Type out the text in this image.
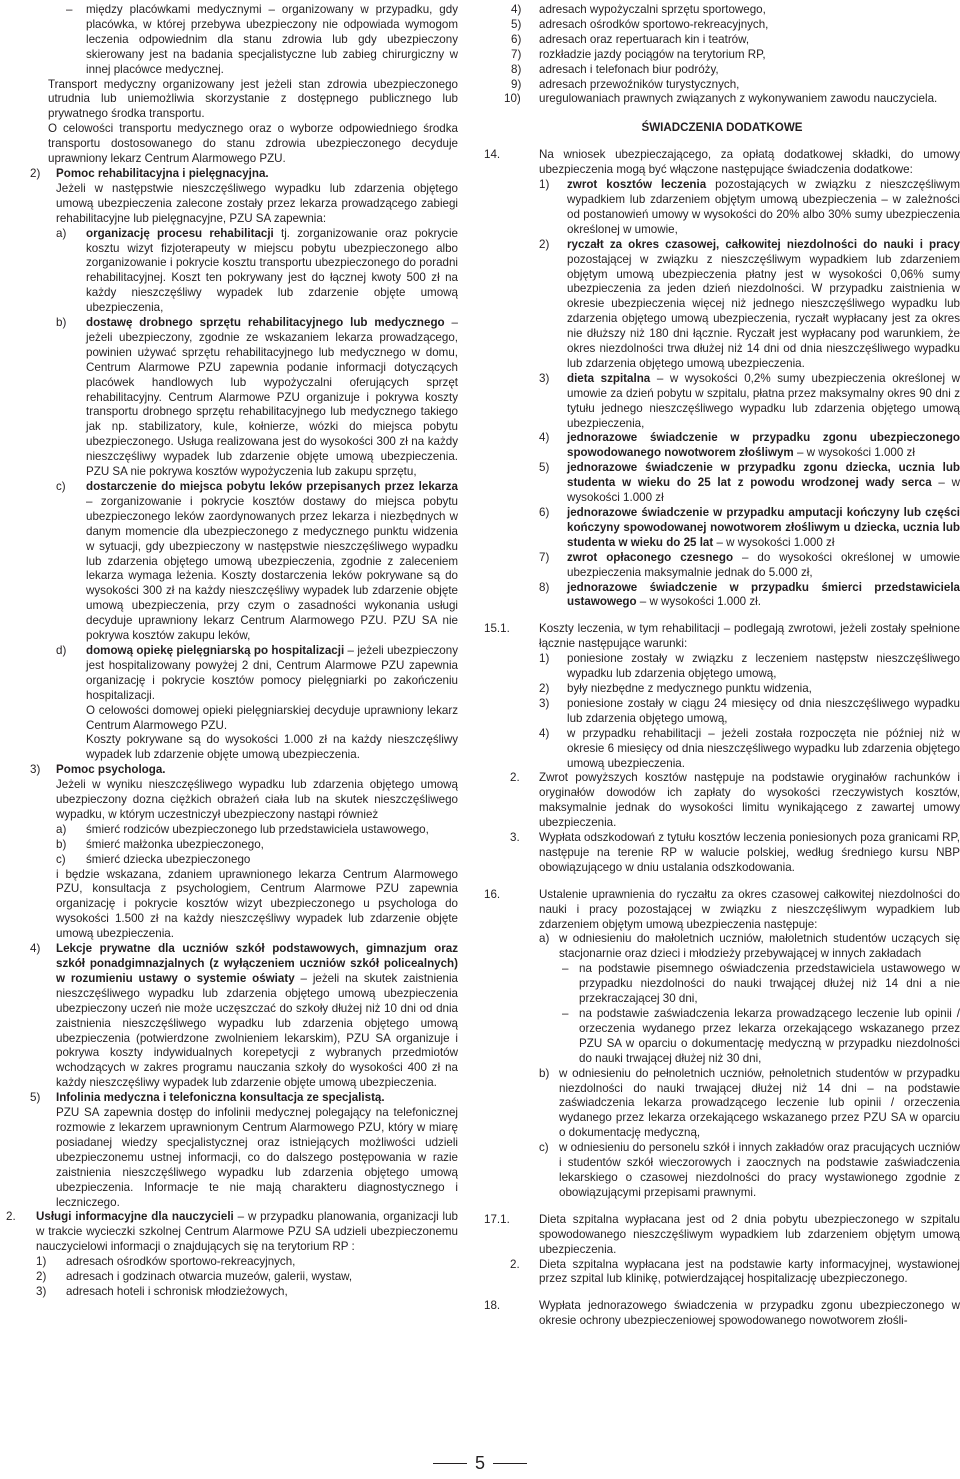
– między placówkami medycznymi – organizowany w przypadku, gdy placówka, w której przebywa ubezpieczony nie odpowiada wymogom leczenia odpowiednim dla stanu zdrowia lub gdy ubezpieczony skierowany jest na badania specjalistyczne lub zabieg chirurgiczny w innej placówce medycznej.
Transport medyczny organizowany jest jeżeli stan zdrowia ubezpieczonego utrudnia lub uniemożliwia skorzystanie z dostępnego publicznego lub prywatnego środka transportu.
O celowości transportu medycznego oraz o wyborze odpowiedniego środka transportu dostosowanego do stanu zdrowia ubezpieczonego decyduje uprawniony lekarz Centrum Alarmowego PZU.
2) Pomoc rehabilitacyjna i pielęgnacyjna.
Jeżeli w następstwie nieszczęśliwego wypadku lub zdarzenia objętego umową ubezpieczenia zalecone zostały przez lekarza prowadzącego zabiegi rehabilitacyjne lub pielęgnacyjne, PZU SA zapewnia:
a) organizację procesu rehabilitacji tj. zorganizowanie oraz pokrycie kosztu wizyt fizjoterapeuty w miejscu pobytu ubezpieczonego albo zorganizowanie i pokrycie kosztu transportu ubezpieczonego do poradni rehabilitacyjnej. Koszt ten pokrywany jest do łącznej kwoty 500 zł na każdy nieszczęśliwy wypadek lub zdarzenie objęte umową ubezpieczenia,
b) dostawę drobnego sprzętu rehabilitacyjnego lub medycznego – jeżeli ubezpieczony, zgodnie ze wskazaniem lekarza prowadzącego, powinien używać sprzętu rehabilitacyjnego lub medycznego w domu, Centrum Alarmowe PZU zapewnia podanie informacji dotyczących placówek handlowych lub wypożyczalni oferujących sprzęt rehabilitacyjny. Centrum Alarmowe PZU organizuje i pokrywa koszty transportu drobnego sprzętu rehabilitacyjnego lub medycznego takiego jak np. stabilizatory, kule, kołnierze, wózki do miejsca pobytu ubezpieczonego. Usługa realizowana jest do wysokości 300 zł na każdy nieszczęśliwy wypadek lub zdarzenie objęte umową ubezpieczenia. PZU SA nie pokrywa kosztów wypożyczenia lub zakupu sprzętu,
c) dostarczenie do miejsca pobytu leków przepisanych przez lekarza – zorganizowanie i pokrycie kosztów dostawy do miejsca pobytu ubezpieczonego leków zaordynowanych przez lekarza i niezbędnych w danym momencie dla ubezpieczonego z medycznego punktu widzenia w sytuacji, gdy ubezpieczony w następstwie nieszczęśliwego wypadku lub zdarzenia objętego umową ubezpieczenia, zgodnie z zaleceniem lekarza wymaga leżenia. Koszty dostarczenia leków pokrywane są do wysokości 300 zł na każdy nieszczęśliwy wypadek lub zdarzenie objęte umową ubezpieczenia, przy czym o zasadności wykonania usługi decyduje uprawniony lekarz Centrum Alarmowego PZU. PZU SA nie pokrywa kosztów zakupu leków,
d) domową opiekę pielęgniarską po hospitalizacji – jeżeli ubezpieczony jest hospitalizowany powyżej 2 dni, Centrum Alarmowe PZU zapewnia organizację i pokrycie kosztów pomocy pielęgniarki po zakończeniu hospitalizacji.
O celowości domowej opieki pielęgniarskiej decyduje uprawniony lekarz Centrum Alarmowego PZU.
Koszty pokrywane są do wysokości 1.000 zł na każdy nieszczęśliwy wypadek lub zdarzenie objęte umową ubezpieczenia.
3) Pomoc psychologa.
Jeżeli w wyniku nieszczęśliwego wypadku lub zdarzenia objętego umową ubezpieczony dozna ciężkich obrażeń ciała lub na skutek nieszczęśliwego wypadku, w którym uczestniczył ubezpieczony nastąpi również
a) śmierć rodziców ubezpieczonego lub przedstawiciela ustawowego,
b) śmierć małżonka ubezpieczonego,
c) śmierć dziecka ubezpieczonego
i będzie wskazana, zdaniem uprawnionego lekarza Centrum Alarmowego PZU, konsultacja z psychologiem, Centrum Alarmowe PZU zapewnia organizację i pokrycie kosztów wizyt ubezpieczonego u psychologa do wysokości 1.500 zł na każdy nieszczęśliwy wypadek lub zdarzenie objęte umową ubezpieczenia.
4) Lekcje prywatne dla uczniów szkół podstawowych, gimnazjum oraz szkół ponadgimnazjalnych (z wyłączeniem uczniów szkół policealnych) w rozumieniu ustawy o systemie oświaty – jeżeli na skutek zaistnienia nieszczęśliwego wypadku lub zdarzenia objętego umową ubezpieczenia ubezpieczony uczeń nie może uczęszczać do szkoły dłużej niż 10 dni od dnia zaistnienia nieszczęśliwego wypadku lub zdarzenia objętego umową ubezpieczenia (potwierdzone zwolnieniem lekarskim), PZU SA organizuje i pokrywa koszty indywidualnych korepetycji z wybranych przedmiotów wchodzących w zakres programu nauczania szkoły do wysokości 400 zł na każdy nieszczęśliwy wypadek lub zdarzenie objęte umową ubezpieczenia.
5) Infolinia medyczna i telefoniczna konsultacja ze specjalistą.
PZU SA zapewnia dostęp do infolinii medycznej polegający na telefonicznej rozmowie z lekarzem uprawnionym Centrum Alarmowego PZU, który w miarę posiadanej wiedzy specjalistycznej oraz istniejących możliwości udzieli ubezpieczonemu ustnej informacji, co do dalszego postępowania w razie zaistnienia nieszczęśliwego wypadku lub zdarzenia objętego umową ubezpieczenia. Informacje te nie mają charakteru diagnostycznego i leczniczego.
2. Usługi informacyjne dla nauczycieli – w przypadku planowania, organizacji lub w trakcie wycieczki szkolnej Centrum Alarmowe PZU SA udzieli ubezpieczonemu nauczycielowi informacji o znajdujących się na terytorium RP :
1) adresach ośrodków sportowo-rekreacyjnych,
2) adresach i godzinach otwarcia muzeów, galerii, wystaw,
3) adresach hoteli i schronisk młodzieżowych,
4) adresach wypożyczalni sprzętu sportowego,
5) adresach ośrodków sportowo-rekreacyjnych,
6) adresach oraz repertuarach kin i teatrów,
7) rozkładzie jazdy pociągów na terytorium RP,
8) adresach i telefonach biur podróży,
9) adresach przewoźników turystycznych,
10) uregulowaniach prawnych związanych z wykonywaniem zawodu nauczyciela.
ŚWIADCZENIA DODATKOWE
14.	Na wniosek ubezpieczającego, za opłatą dodatkowej składki, do umowy ubezpieczenia mogą być włączone następujące świadczenia dodatkowe:
1) zwrot kosztów leczenia pozostających w związku z nieszczęśliwym wypadkiem lub zdarzeniem objętym umową ubezpieczenia – w zależności od postanowień umowy w wysokości do 20% albo 30% sumy ubezpieczenia określonej w umowie,
2) ryczałt za okres czasowej, całkowitej niezdolności do nauki i pracy pozostającej w związku z nieszczęśliwym wypadkiem lub zdarzeniem objętym umową ubezpieczenia płatny jest w wysokości 0,06% sumy ubezpieczenia za jeden dzień niezdolności. W przypadku zaistnienia w okresie ubezpieczenia więcej niż jednego nieszczęśliwego wypadku lub zdarzenia objętego umową ubezpieczenia, ryczałt wypłacany jest za okres nie dłuższy niż 180 dni łącznie. Ryczałt jest wypłacany pod warunkiem, że okres niezdolności trwa dłużej niż 14 dni od dnia nieszczęśliwego wypadku lub zdarzenia objętego umową ubezpieczenia.
3) dieta szpitalna – w wysokości 0,2% sumy ubezpieczenia określonej w umowie za dzień pobytu w szpitalu, płatna przez maksymalny okres 90 dni z tytułu jednego nieszczęśliwego wypadku lub zdarzenia objętego umową ubezpieczenia,
4) jednorazowe świadczenie w przypadku zgonu ubezpieczonego spowodowanego nowotworem złośliwym – w wysokości 1.000 zł
5) jednorazowe świadczenie w przypadku zgonu dziecka, ucznia lub studenta w wieku do 25 lat z powodu wrodzonej wady serca – w wysokości 1.000 zł
6) jednorazowe świadczenie w przypadku amputacji kończyny lub części kończyny spowodowanej nowotworem złośliwym u dziecka, ucznia lub studenta w wieku do 25 lat – w wysokości 1.000 zł
7) zwrot opłaconego czesnego – do wysokości określonej w umowie ubezpieczenia maksymalnie jednak do 5.000 zł,
8) jednorazowe świadczenie w przypadku śmierci przedstawiciela ustawowego – w wysokości 1.000 zł.
15.1.	Koszty leczenia, w tym rehabilitacji – podlegają zwrotowi, jeżeli zostały spełnione łącznie następujące warunki:
1) poniesione zostały w związku z leczeniem następstw nieszczęśliwego wypadku lub zdarzenia objętego umową,
2) były niezbędne z medycznego punktu widzenia,
3) poniesione zostały w ciągu 24 miesięcy od dnia nieszczęśliwego wypadku lub zdarzenia objętego umową,
4) w przypadku rehabilitacji – jeżeli została rozpoczęta nie później niż w okresie 6 miesięcy od dnia nieszczęśliwego wypadku lub zdarzenia objętego umową ubezpieczenia.
2. Zwrot powyższych kosztów następuje na podstawie oryginałów rachunków i oryginałów dowodów ich zapłaty do wysokości rzeczywistych kosztów, maksymalnie jednak do wysokości limitu wynikającego z zawartej umowy ubezpieczenia.
3. Wypłata odszkodowań z tytułu kosztów leczenia poniesionych poza granicami RP, następuje na terenie RP w walucie polskiej, według średniego kursu NBP obowiązującego w dniu ustalania odszkodowania.
16.	Ustalenie uprawnienia do ryczałtu za okres czasowej całkowitej niezdolności do nauki i pracy pozostającej w związku z nieszczęśliwym wypadkiem lub zdarzeniem objętym umową ubezpieczenia następuje:
a) w odniesieniu do małoletnich uczniów, małoletnich studentów uczących się stacjonarnie oraz dzieci i młodzieży przebywającej w innych zakładach
– na podstawie pisemnego oświadczenia przedstawiciela ustawowego w przypadku niezdolności do nauki trwającej dłużej niż 14 dni a nie przekraczającej 30 dni,
– na podstawie zaświadczenia lekarza prowadzącego leczenie lub opinii / orzeczenia wydanego przez lekarza orzekającego wskazanego przez PZU SA w oparciu o dokumentację medyczną w przypadku niezdolności do nauki trwającej dłużej niż 30 dni,
b) w odniesieniu do pełnoletnich uczniów, pełnoletnich studentów w przypadku niezdolności do nauki trwającej dłużej niż 14 dni – na podstawie zaświadczenia lekarza prowadzącego leczenie lub opinii / orzeczenia wydanego przez lekarza orzekającego wskazanego przez PZU SA w oparciu o dokumentację medyczną,
c) w odniesieniu do personelu szkół i innych zakładów oraz pracujących uczniów i studentów szkół wieczorowych i zaocznych na podstawie zaświadczenia lekarskiego o czasowej niezdolności do pracy wystawionego zgodnie z obowiązującymi przepisami prawnymi.
17.1.	Dieta szpitalna wypłacana jest od 2 dnia pobytu ubezpieczonego w szpitalu spowodowanego nieszczęśliwym wypadkiem lub zdarzeniem objętym umową ubezpieczenia.
2. Dieta szpitalna wypłacana jest na podstawie karty informacyjnej, wystawionej przez szpital lub klinikę, potwierdzającej hospitalizację ubezpieczonego.
18.	Wypłata jednorazowego świadczenia w przypadku zgonu ubezpieczonego w okresie ochrony ubezpieczeniowej spowodowanego nowotworem złośli-
5
